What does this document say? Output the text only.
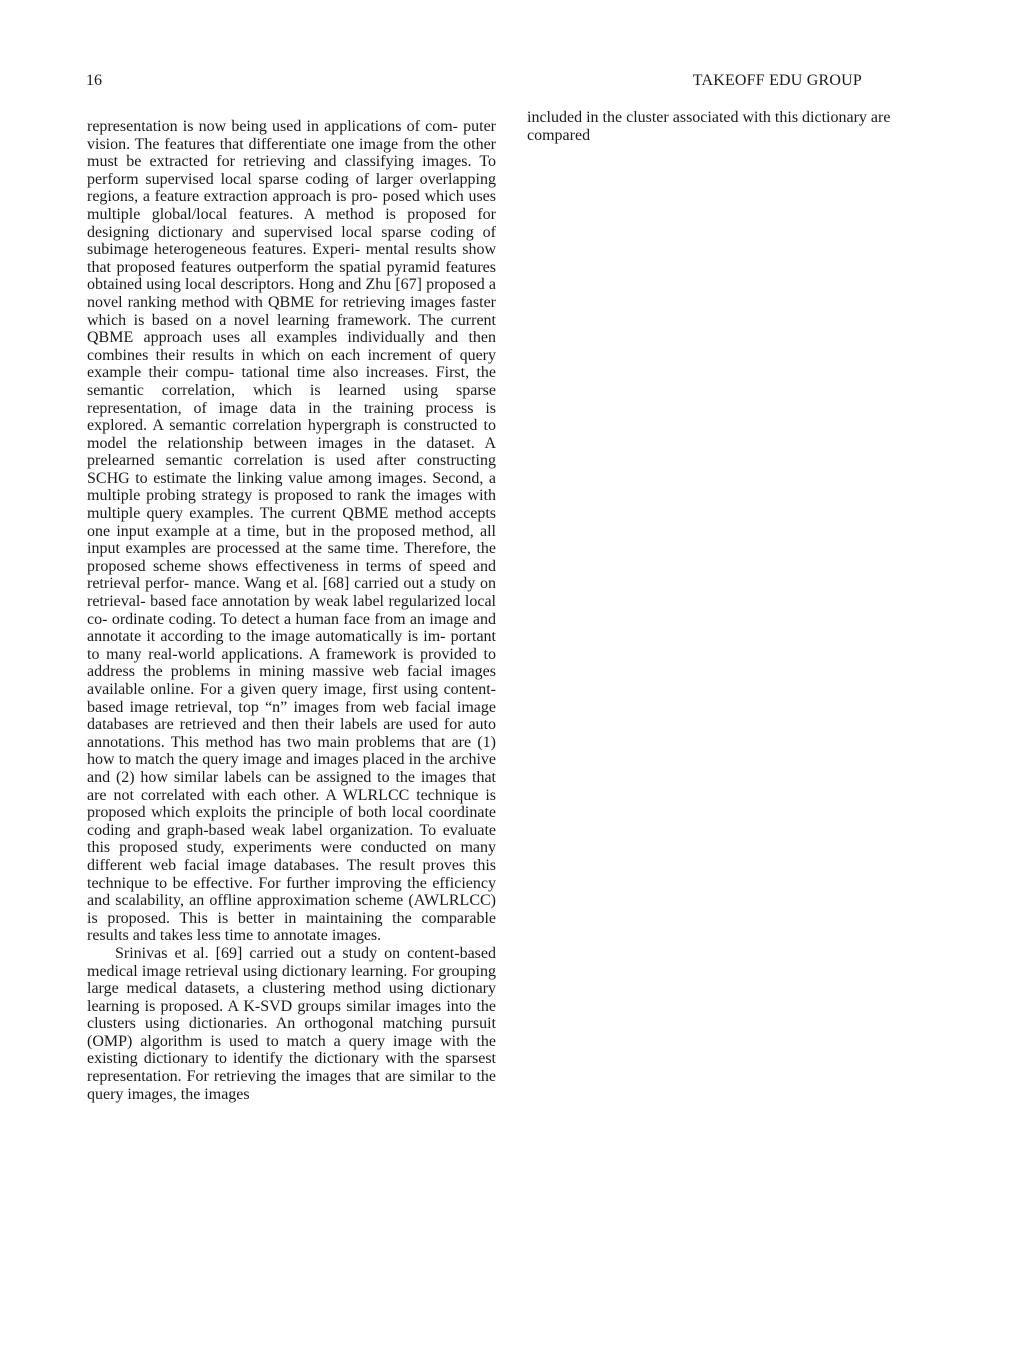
16	TAKEOFF EDU GROUP

representation is now being used in applications of com- puter vision. The features that differentiate one image from the other must be extracted for retrieving and classifying images. To perform supervised local sparse coding of larger overlapping regions, a feature extraction approach is pro- posed which uses multiple global/local features. A method is proposed for designing dictionary and supervised local sparse coding of subimage heterogeneous features. Experi- mental results show that proposed features outperform the spatial pyramid features obtained using local descriptors. Hong and Zhu [67] proposed a novel ranking method with QBME for retrieving images faster which is based on a novel learning framework. The current QBME approach uses all examples individually and then combines their results in which on each increment of query example their compu- tational time also increases. First, the semantic correlation, which is learned using sparse representation, of image data in the training process is explored. A semantic correlation hypergraph is constructed to model the relationship between images in the dataset. A prelearned semantic correlation is used after constructing SCHG to estimate the linking value among images. Second, a multiple probing strategy is proposed to rank the images with multiple query examples. The current QBME method accepts one input example at a time, but in the proposed method, all input examples are processed at the same time. Therefore, the proposed scheme shows effectiveness in terms of speed and retrieval perfor- mance. Wang et al. [68] carried out a study on retrieval- based face annotation by weak label regularized local co- ordinate coding. To detect a human face from an image and annotate it according to the image automatically is im- portant to many real-world applications. A framework is provided to address the problems in mining massive web facial images available online. For a given query image, first using content-based image retrieval, top “n” images from web facial image databases are retrieved and then their labels are used for auto annotations. This method has two main problems that are (1) how to match the query image and images placed in the archive and (2) how similar labels can be assigned to the images that are not correlated with each other. A WLRLCC technique is proposed which exploits the principle of both local coordinate coding and graph-based weak label organization. To evaluate this proposed study, experiments were conducted on many different web facial image databases. The result proves this technique to be effective. For further improving the efficiency and scalability, an offline approximation scheme (AWLRLCC) is proposed. This is better in maintaining the comparable results and takes less time to annotate images.

Srinivas et al. [69] carried out a study on content-based medical image retrieval using dictionary learning. For grouping large medical datasets, a clustering method using dictionary learning is proposed. A K-SVD groups similar images into the clusters using dictionaries. An orthogonal matching pursuit (OMP) algorithm is used to match a query image with the existing dictionary to identify the dictionary with the sparsest representation. For retrieving the images that are similar to the query images, the images

included in the cluster associated with this dictionary are compared
